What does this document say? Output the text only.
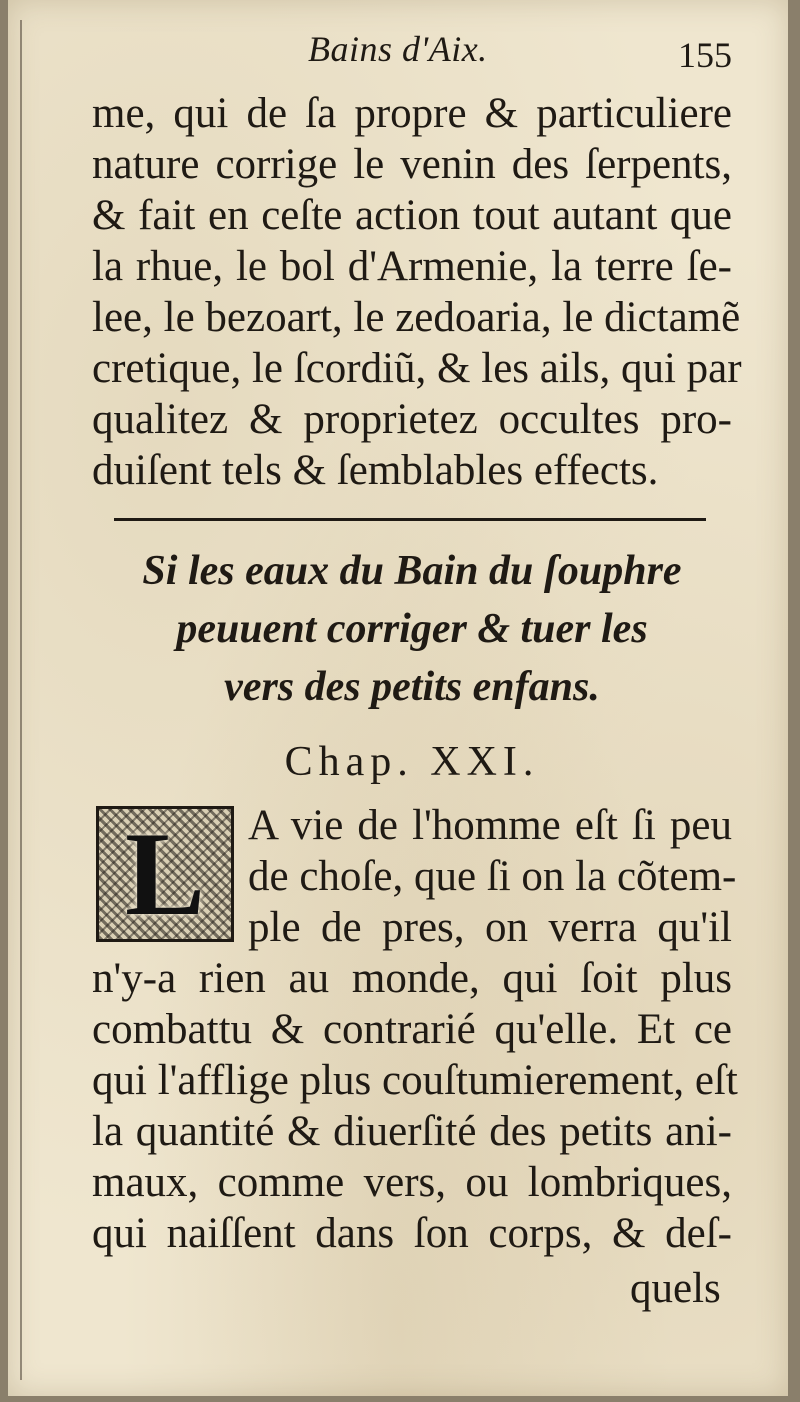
Bains d'Aix.	155
me, qui de ſa propre & particuliere
nature corrige le venin des ſerpents,
& fait en ceſte action tout autant que
la rhue, le bol d'Armenie, la terre ſe-
lee, le bezoart, le zedoaria, le dictamẽ
cretique, le ſcordiũ, & les ails, qui par
qualitez & proprietez occultes pro-
duiſent tels & ſemblables effects.
Si les eaux du Bain du ſouphre
peuuent corriger & tuer les
vers des petits enfans.
Chap. XXI.
L A vie de l'homme eſt ſi peu
de choſe, que ſi on la cõtem-
ple de pres, on verra qu'il
n'y-a rien au monde, qui ſoit plus
combattu & contrarié qu'elle. Et ce
qui l'afflige plus couſtumierement, eſt
la quantité & diuerſité des petits ani-
maux, comme vers, ou lombriques,
qui naiſſent dans ſon corps, & deſ-
quels
